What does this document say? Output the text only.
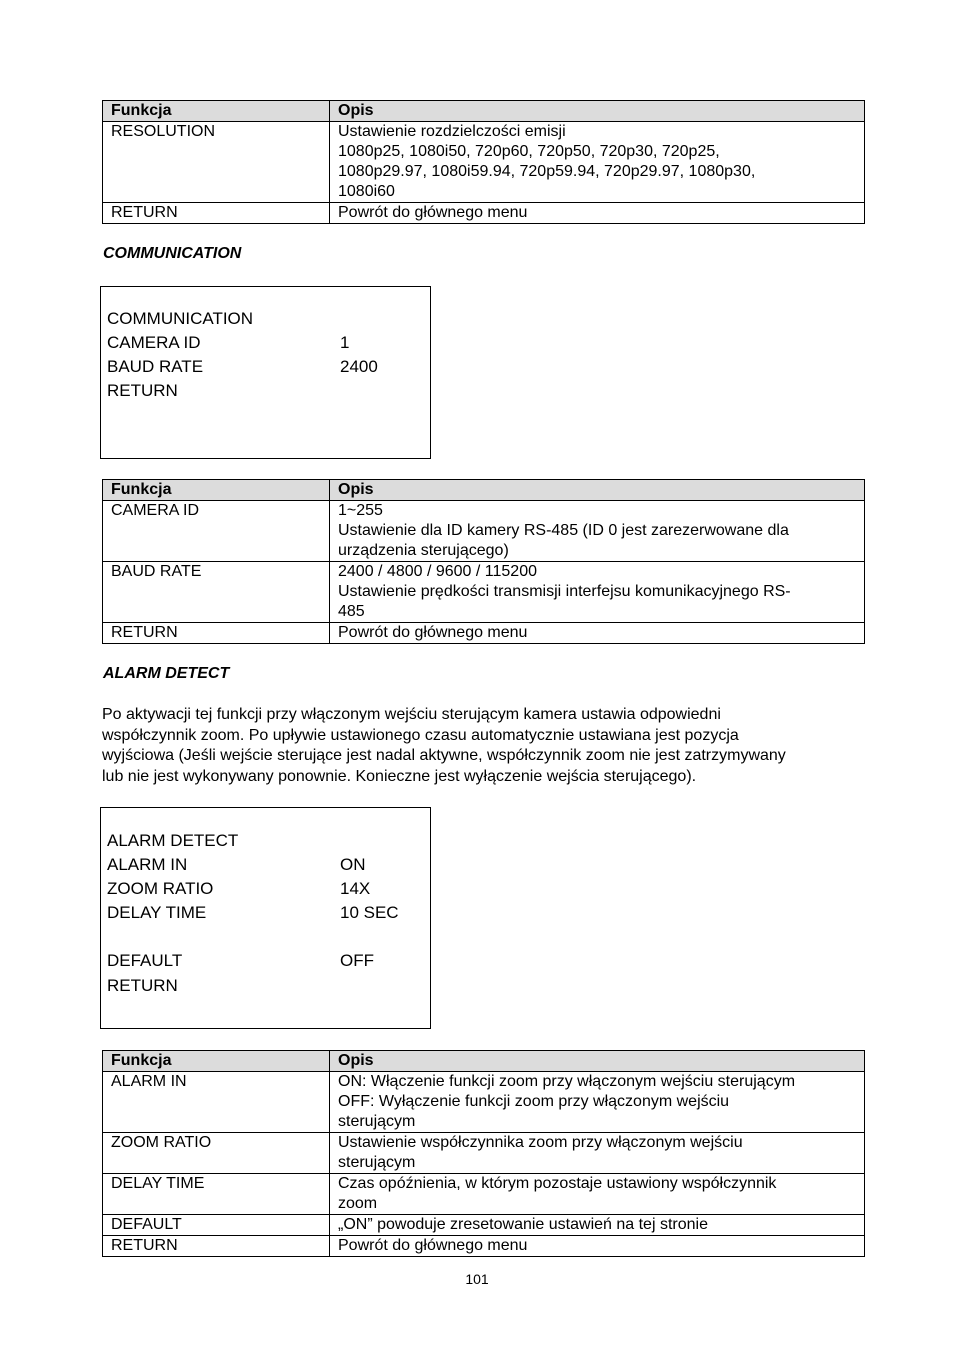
Funkcja	Opis
RESOLUTION	Ustawienie rozdzielczości emisji
1080p25, 1080i50, 720p60, 720p50, 720p30, 720p25,
1080p29.97, 1080i59.94, 720p59.94, 720p29.97, 1080p30,
1080i60

RETURN	Powrót do głównego menu
COMMUNICATION
COMMUNICATION
CAMERA ID	1
BAUD RATE	2400
RETURN
Funkcja	Opis
CAMERA ID	1~255
Ustawienie dla ID kamery RS-485 (ID 0 jest zarezerwowane dla
urządzenia sterującego)

BAUD RATE	2400 / 4800 / 9600 / 115200
Ustawienie prędkości transmisji interfejsu komunikacyjnego RS-
485

RETURN	Powrót do głównego menu
ALARM DETECT
Po aktywacji tej funkcji przy włączonym wejściu sterującym kamera ustawia odpowiedni
współczynnik zoom. Po upływie ustawionego czasu automatycznie ustawiana jest pozycja
wyjściowa (Jeśli wejście sterujące jest nadal aktywne, współczynnik zoom nie jest zatrzymywany
lub nie jest wykonywany ponownie. Konieczne jest wyłączenie wejścia sterującego).
ALARM DETECT
ALARM IN	ON
ZOOM RATIO	14X
DELAY TIME	10 SEC
DEFAULT	OFF
RETURN
Funkcja	Opis
ALARM IN	ON: Włączenie funkcji zoom przy włączonym wejściu sterującym
OFF: Wyłączenie funkcji zoom przy włączonym wejściu
sterującym

ZOOM RATIO	Ustawienie współczynnika zoom przy włączonym wejściu
sterującym

DELAY TIME	Czas opóźnienia, w którym pozostaje ustawiony współczynnik
zoom

DEFAULT	„ON” powoduje zresetowanie ustawień na tej stronie

RETURN	Powrót do głównego menu
101
